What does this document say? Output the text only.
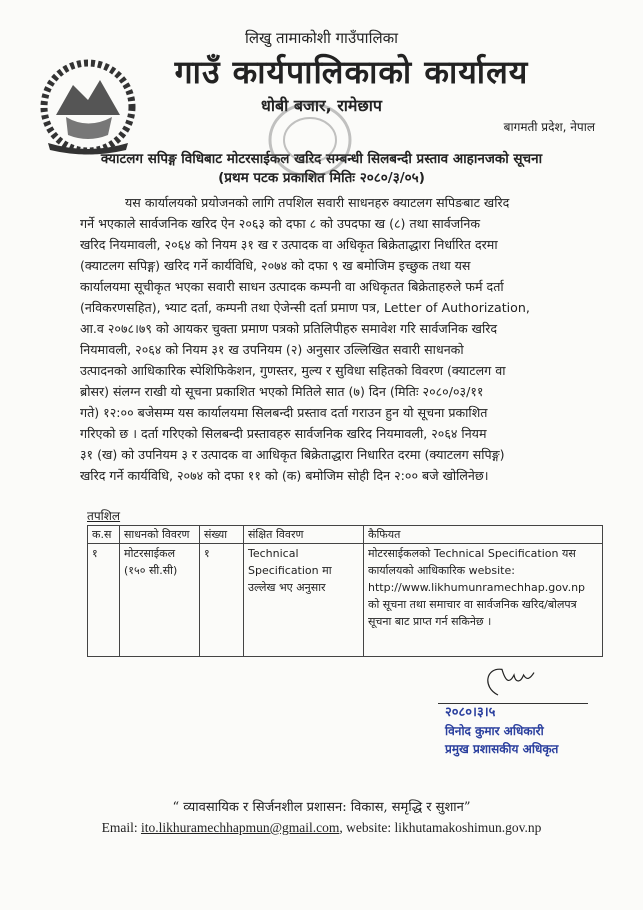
लिखु तामाकोशी गाउँपालिका
गाउँ कार्यपालिकाको कार्यालय
धोबी बजार, रामेछाप
बागमती प्रदेश, नेपाल
क्याटलग सपिङ्ग विधिबाट मोटरसाईकल खरिद सम्बन्धी सिलबन्दी प्रस्ताव आहानजको सूचना
(प्रथम पटक प्रकाशित मितिः २०८०/३/०५)
यस कार्यालयको प्रयोजनको लागि तपशिल सवारी साधनहरु क्याटलग सपिङबाट खरिद
गर्ने भएकाले सार्वजनिक खरिद ऐन २०६३ को दफा ८ को उपदफा ख (८) तथा सार्वजनिक
खरिद नियमावली, २०६४ को नियम ३१ ख र उत्पादक वा अधिकृत बिक्रेताद्धारा निर्धारित दरमा
(क्याटलग सपिङ्ग) खरिद गर्ने कार्यविधि, २०७४ को दफा ९ ख बमोजिम इच्छुक तथा यस
कार्यालयमा सूचीकृत भएका सवारी साधन उत्पादक कम्पनी वा अधिकृतत बिक्रेताहरुले फर्म दर्ता
(नविकरणसहित), भ्याट दर्ता, कम्पनी तथा ऐजेन्सी दर्ता प्रमाण पत्र, Letter of Authorization,
आ.व २०७८।७९ को आयकर चुक्ता प्रमाण पत्रको प्रतिलिपीहरु समावेश गरि सार्वजनिक खरिद
नियमावली, २०६४ को नियम ३१ ख उपनियम (२) अनुसार उल्लिखित सवारी साधनको
उत्पादनको आधिकारिक स्पेशिफिकेशन, गुणस्तर, मुल्य र सुविधा सहितको विवरण (क्याटलग वा
ब्रोसर) संलग्न राखी यो सूचना प्रकाशित भएको मितिले सात (७) दिन (मितिः २०८०/०३/११
गते) १२:०० बजेसम्म यस कार्यालयमा सिलबन्दी प्रस्ताव दर्ता गराउन हुन यो सूचना प्रकाशित
गरिएको छ । दर्ता गरिएको सिलबन्दी प्रस्तावहरु सार्वजनिक खरिद नियमावली, २०६४ नियम
३१ (ख) को उपनियम ३ र उत्पादक वा आधिकृत बिक्रेताद्धारा निधारित दरमा (क्याटलग सपिङ्ग)
खरिद गर्ने कार्यविधि, २०७४ को दफा ११ को (क) बमोजिम सोही दिन २:०० बजे खोलिनेछ।
तपशिल
क.स	साधनको विवरण	संख्या	संक्षित विवरण	कैफियत
१	मोटरसाईकल (१५० सी.सी)	१	Technical Specification मा उल्लेख भए अनुसार	मोटरसाईकलको Technical Specification यस कार्यालयको आधिकारिक website: http://www.likhumunramechhap.gov.np को सूचना तथा समाचार वा सार्वजनिक खरिद/बोलपत्र सूचना बाट प्राप्त गर्न सकिनेछ ।
२०८०।३।५
विनोद कुमार अधिकारी
प्रमुख प्रशासकीय अधिकृत
“ व्यावसायिक र सिर्जनशील प्रशासन: विकास, समृद्धि र सुशान”
Email: ito.likhuramechhapmun@gmail.com, website: likhutamakoshimun.gov.np
